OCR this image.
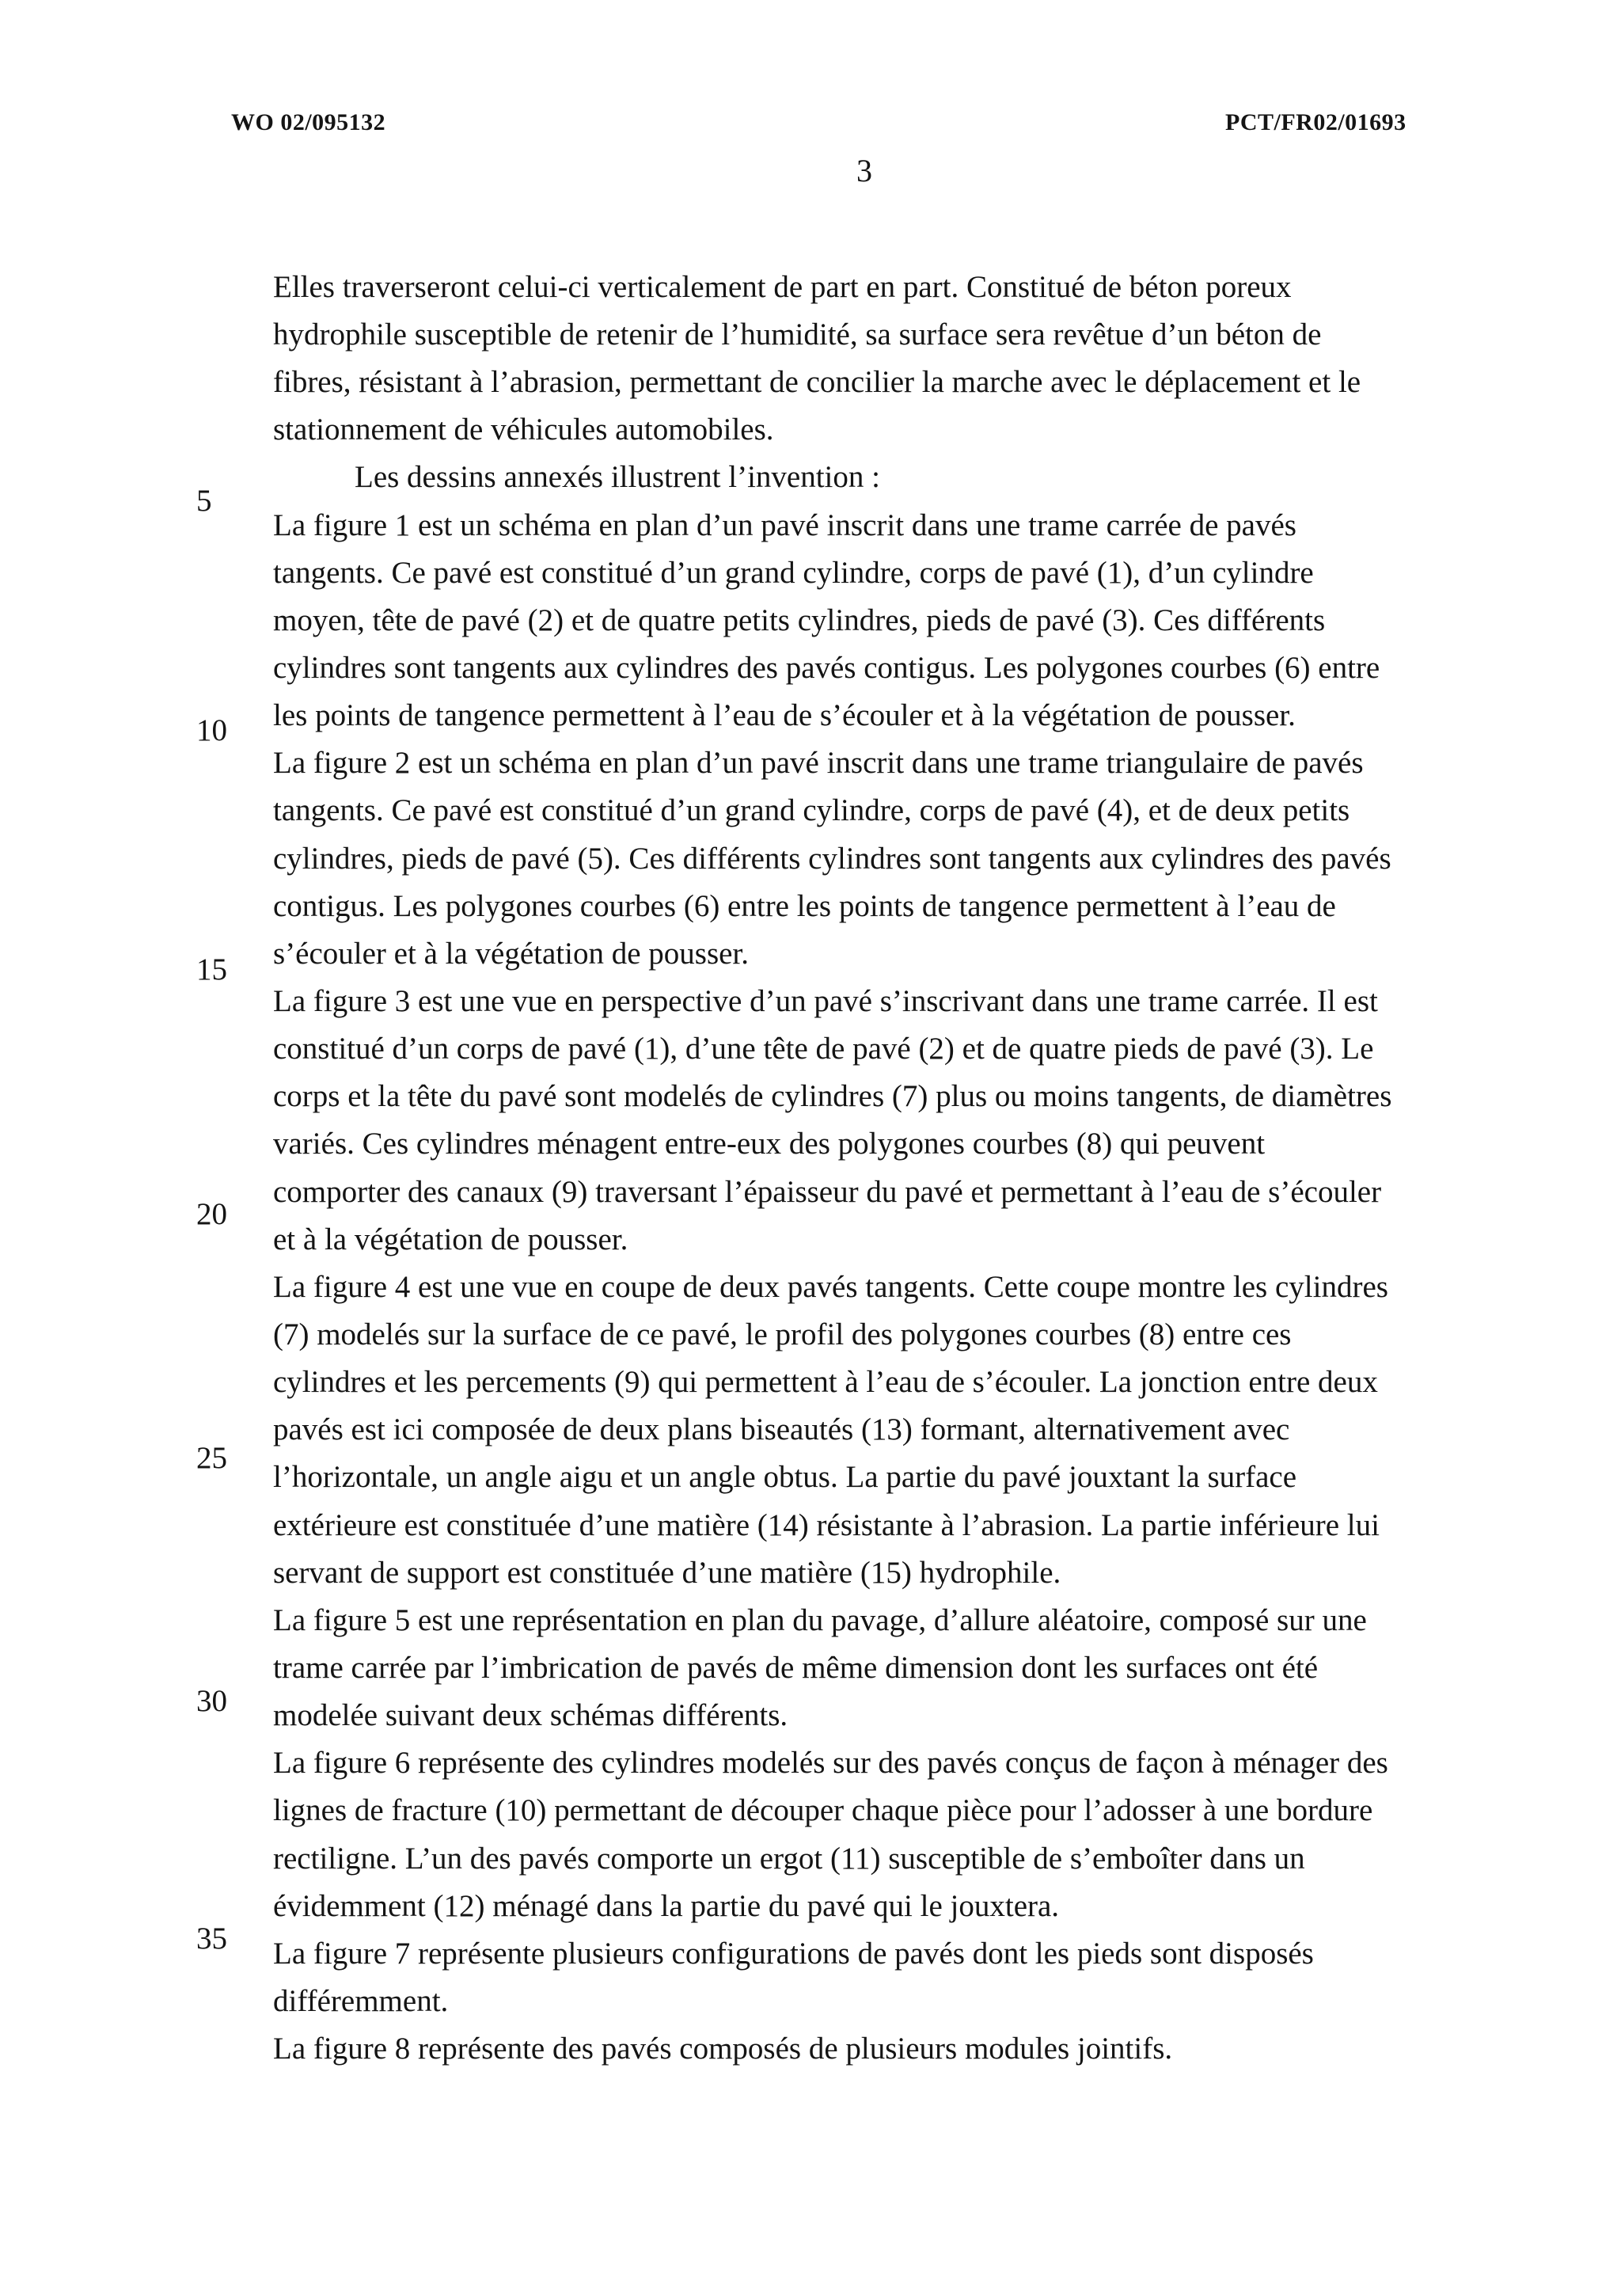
WO 02/095132	PCT/FR02/01693
3
5
10
15
20
25
30
35
Elles traverseront celui-ci verticalement de part en part. Constitué de béton poreux
hydrophile susceptible de retenir de l’humidité, sa surface sera revêtue d’un béton de
fibres, résistant à l’abrasion, permettant de concilier la marche avec le déplacement et le
stationnement de véhicules automobiles.
Les dessins annexés illustrent l’invention :
La figure 1 est un schéma en plan d’un pavé inscrit dans une trame carrée de pavés
tangents. Ce pavé est constitué d’un grand cylindre, corps de pavé (1), d’un cylindre
moyen, tête de pavé (2) et de quatre petits cylindres, pieds de pavé (3). Ces différents
cylindres sont tangents aux cylindres des pavés contigus. Les polygones courbes (6) entre
les points de tangence permettent à l’eau de s’écouler et à la végétation de pousser.
La figure 2 est un schéma en plan d’un pavé inscrit dans une trame triangulaire de pavés
tangents. Ce pavé est constitué d’un grand cylindre, corps de pavé (4), et de deux petits
cylindres, pieds de pavé (5). Ces différents cylindres sont tangents aux cylindres des pavés
contigus. Les polygones courbes (6) entre les points de tangence permettent à l’eau de
s’écouler et à la végétation de pousser.
La figure 3 est une vue en perspective d’un pavé s’inscrivant dans une trame carrée. Il est
constitué d’un corps de pavé (1), d’une tête de pavé (2) et de quatre pieds de pavé (3). Le
corps et la tête du pavé sont modelés de cylindres (7) plus ou moins tangents, de diamètres
variés. Ces cylindres ménagent entre-eux des polygones courbes (8) qui peuvent
comporter des canaux (9) traversant l’épaisseur du pavé et permettant à l’eau de s’écouler
et à la végétation de pousser.
La figure 4 est une vue en coupe de deux pavés tangents. Cette coupe montre les cylindres
(7) modelés sur la surface de ce pavé, le profil des polygones courbes (8) entre ces
cylindres et les percements (9) qui permettent à l’eau de s’écouler. La jonction entre deux
pavés est ici composée de deux plans biseautés (13) formant, alternativement avec
l’horizontale, un angle aigu et un angle obtus. La partie du pavé jouxtant la surface
extérieure est constituée d’une matière (14) résistante à l’abrasion. La partie inférieure lui
servant de support est constituée d’une matière (15) hydrophile.
La figure 5 est une représentation en plan du pavage, d’allure aléatoire, composé sur une
trame carrée par l’imbrication de pavés de même dimension dont les surfaces ont été
modelée suivant deux schémas différents.
La figure 6 représente des cylindres modelés sur des pavés conçus de façon à ménager des
lignes de fracture (10) permettant de découper chaque pièce pour l’adosser à une bordure
rectiligne. L’un des pavés comporte un ergot (11) susceptible de s’emboîter dans un
évidemment (12) ménagé dans la partie du pavé qui le jouxtera.
La figure 7 représente plusieurs configurations de pavés dont les pieds sont disposés
différemment.
La figure 8 représente des pavés composés de plusieurs modules jointifs.
